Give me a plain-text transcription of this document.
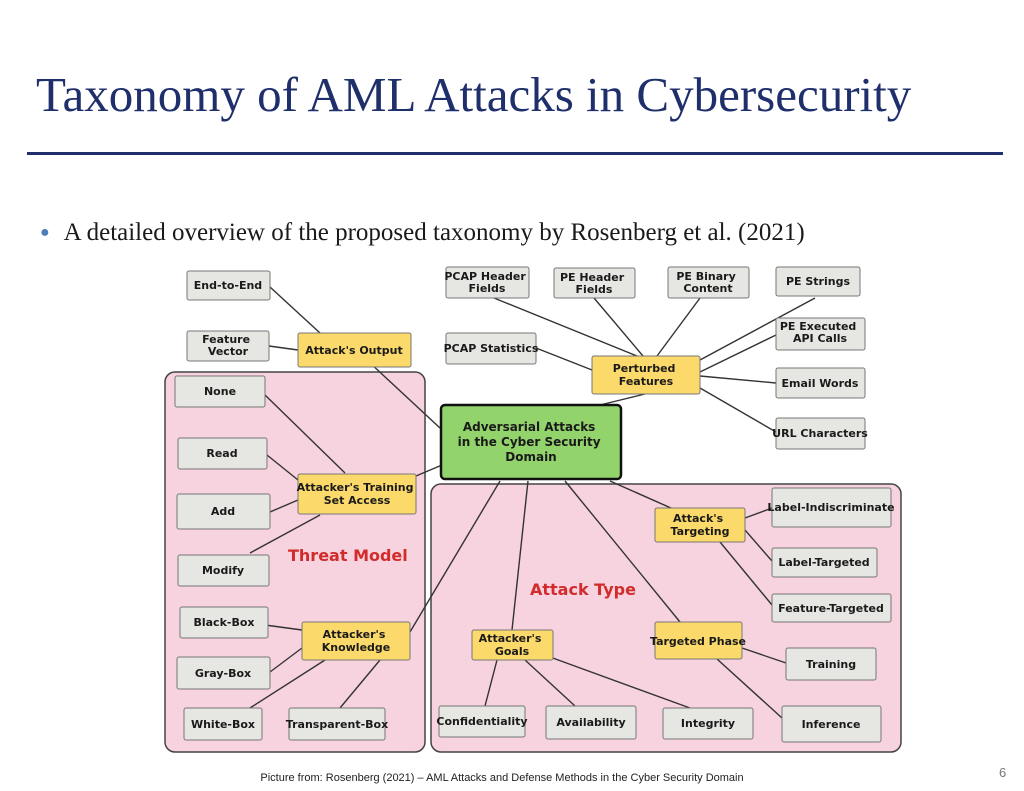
Taxonomy of AML Attacks in Cybersecurity
● A detailed overview of the proposed taxonomy by Rosenberg et al. (2021)
Threat Model
Attack Type
Adversarial Attacks in the Cyber Security Domain
Attack's Output
Perturbed Features
Attacker's Training Set Access
Attacker's Knowledge
Attack's Targeting
Targeted Phase
Attacker's Goals
End-to-End
Feature Vector
PCAP Header Fields
PE Header Fields
PE Binary Content
PE Strings
PCAP Statistics
PE Executed API Calls
Email Words
URL Characters
None
Read
Add
Modify
Black-Box
Gray-Box
White-Box	Transparent-Box
Label-Indiscriminate
Label-Targeted
Feature-Targeted
Training
Inference
Confidentiality	Availability	Integrity
Picture from: Rosenberg (2021) – AML Attacks and Defense Methods in the Cyber Security Domain	6
